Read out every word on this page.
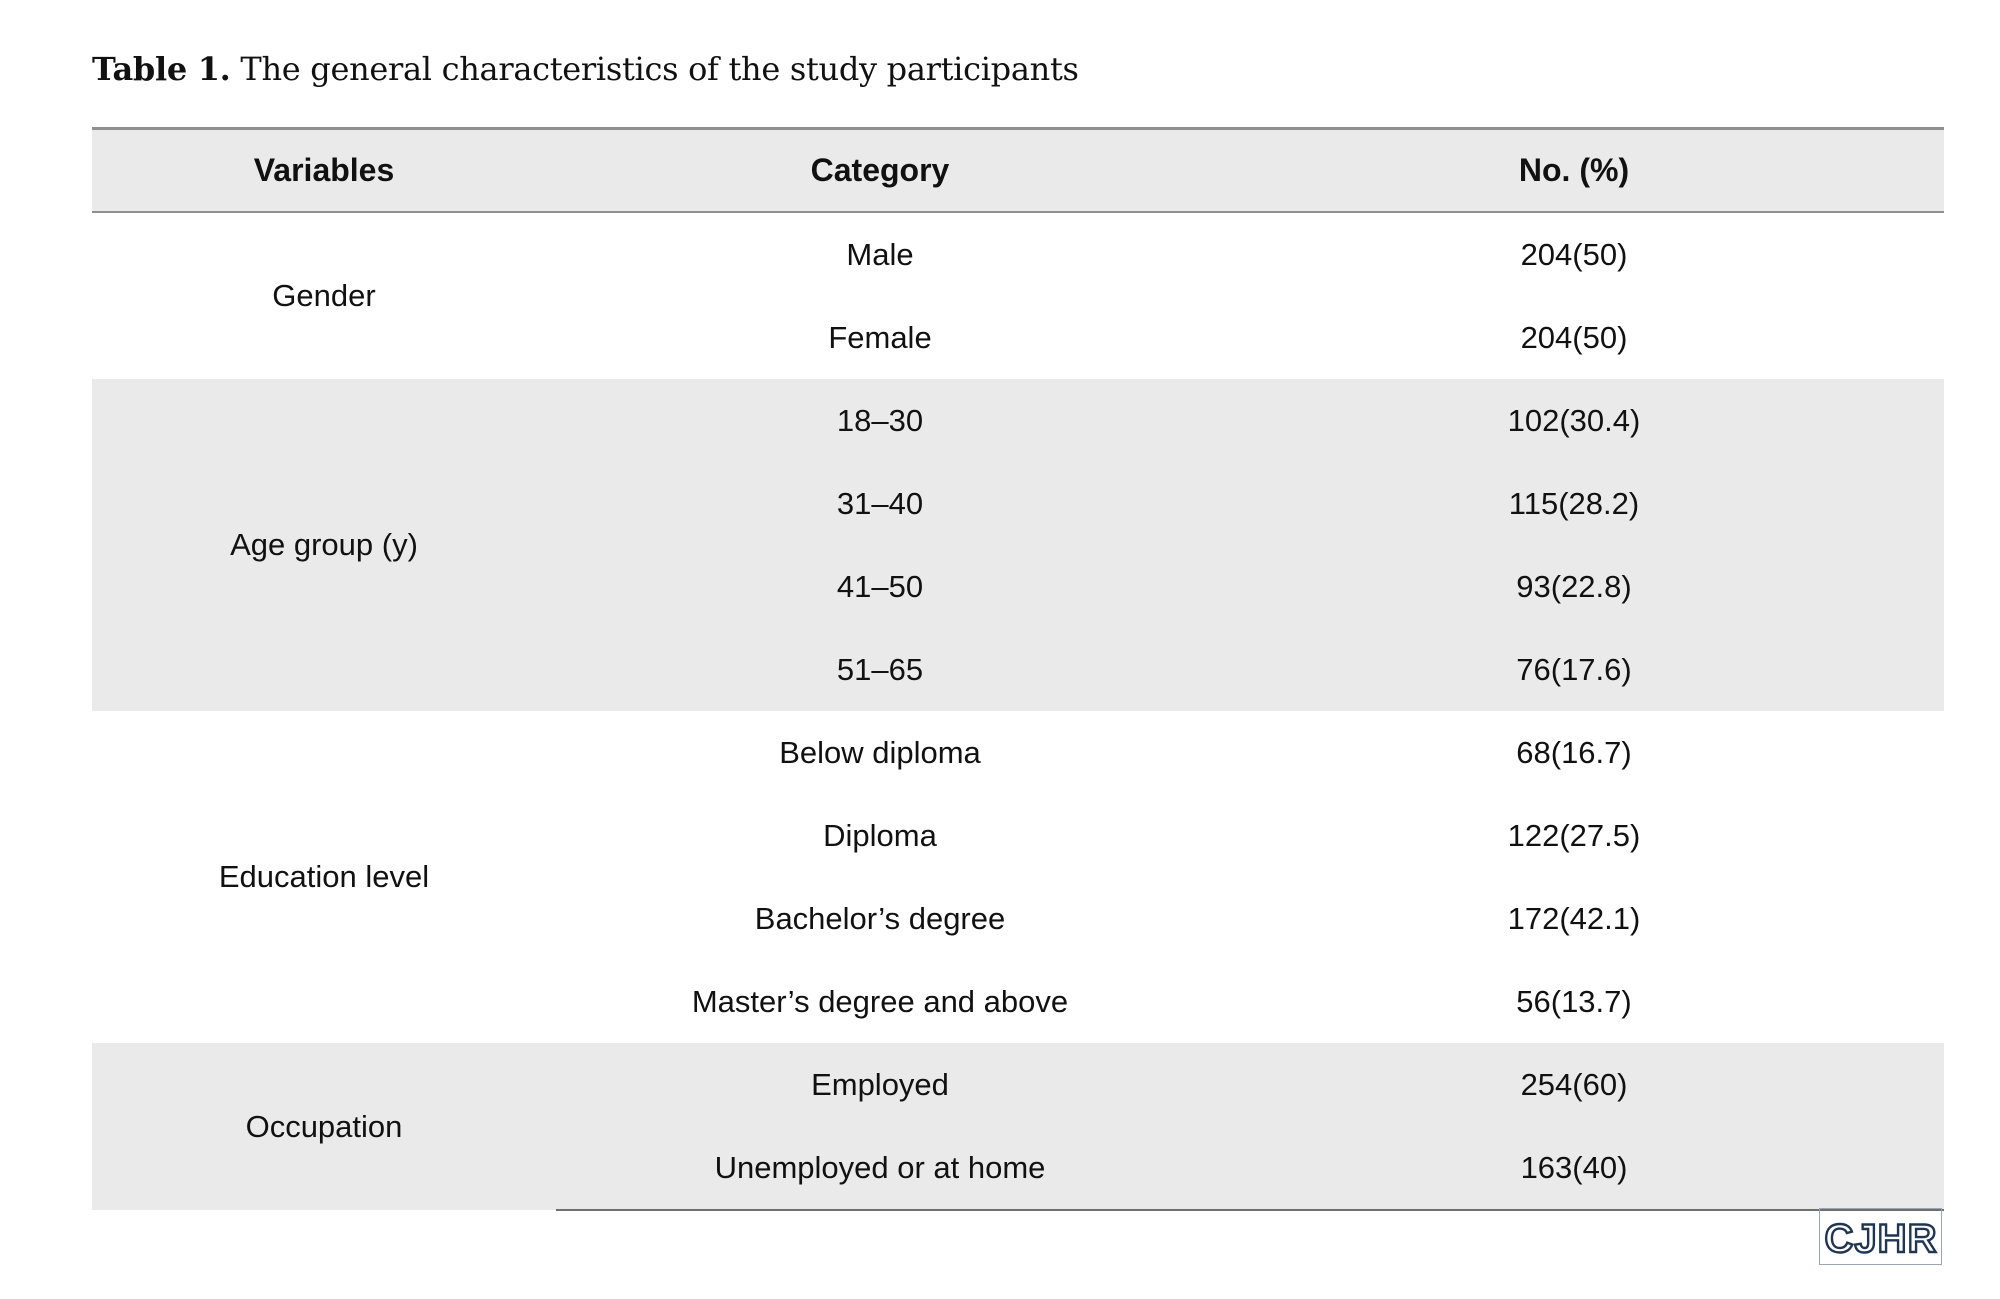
Table 1. The general characteristics of the study participants
Variables	Category	No. (%)
Gender	Male	204(50)
	Female	204(50)
Age group (y)	18–30	102(30.4)
	31–40	115(28.2)
	41–50	93(22.8)
	51–65	76(17.6)
Education level	Below diploma	68(16.7)
	Diploma	122(27.5)
	Bachelor’s degree	172(42.1)
	Master’s degree and above	56(13.7)
Occupation	Employed	254(60)
	Unemployed or at home	163(40)
CJHR
